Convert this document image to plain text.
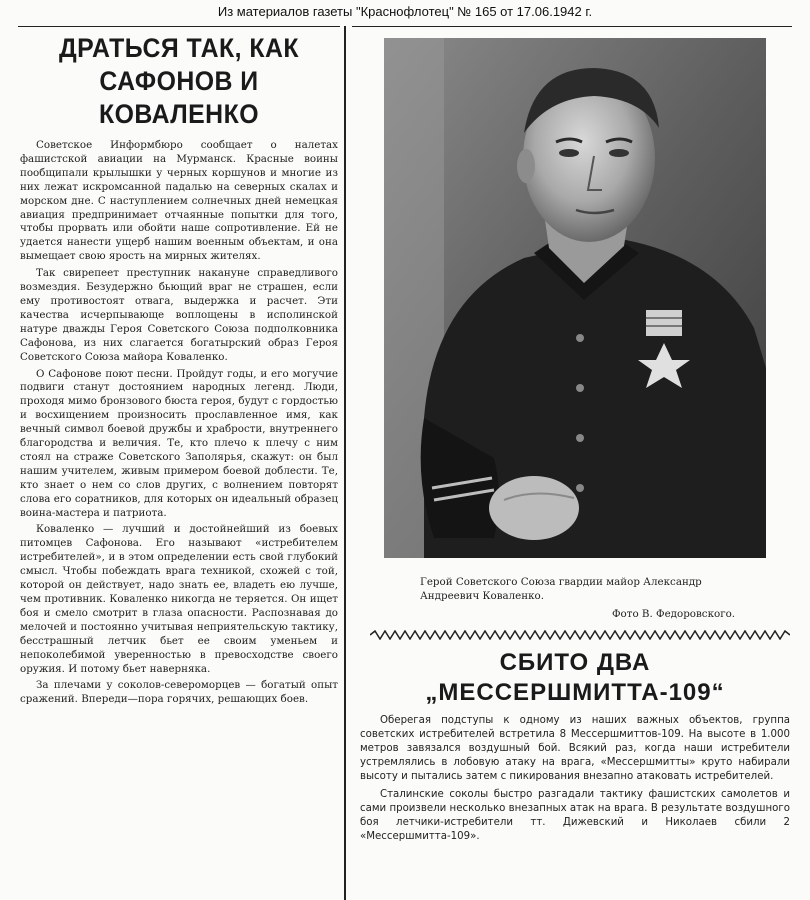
Из материалов газеты "Краснофлотец" № 165 от 17.06.1942 г.
ДРАТЬСЯ ТАК, КАК
САФОНОВ И КОВАЛЕНКО

Советское Информбюро сообщает о налетах фашистской авиации на Мурманск. Красные воины пообщипали крылышки у черных коршунов и многие из них лежат искромсанной падалью на северных скалах и морском дне. С наступлением солнечных дней немецкая авиация предпринимает отчаянные попытки для того, чтобы прорвать или обойти наше сопротивление. Ей не удается нанести ущерб нашим военным объектам, и она вымещает свою ярость на мирных жителях.

Так свирепеет преступник накануне справедливого возмездия. Безудержно бьющий враг не страшен, если ему противостоят отвага, выдержка и расчет. Эти качества исчерпывающе воплощены в исполинской натуре дважды Героя Советского Союза подполковника Сафонова, из них слагается богатырский образ Героя Советского Союза майора Коваленко.

О Сафонове поют песни. Пройдут годы, и его могучие подвиги станут достоянием народных легенд. Люди, проходя мимо бронзового бюста героя, будут с гордостью и восхищением произносить прославленное имя, как вечный символ боевой дружбы и храбрости, внутреннего благородства и величия. Те, кто плечо к плечу с ним стоял на страже Советского Заполярья, скажут: он был нашим учителем, живым примером боевой доблести. Те, кто знает о нем со слов других, с волнением повторят слова его соратников, для которых он идеальный образец воина-мастера и патриота.

Коваленко — лучший и достойнейший из боевых питомцев Сафонова. Его называют «истребителем истребителей», и в этом определении есть свой глубокий смысл. Чтобы побеждать врага техникой, схожей с той, которой он действует, надо знать ее, владеть ею лучше, чем противник. Коваленко никогда не теряется. Он ищет боя и смело смотрит в глаза опасности. Распознавая до мелочей и постоянно учитывая неприятельскую тактику, бесстрашный летчик бьет ее своим уменьем и непоколебимой уверенностью в превосходстве своего оружия. И потому бьет наверняка.

За плечами у соколов-североморцев — богатый опыт сражений. Впереди—пора горячих, решающих боев.

Герой Советского Союза гвардии майор Александр Андреевич Коваленко.
Фото В. Федоровского.
СБИТО ДВА
„МЕССЕРШМИТТА-109“

Оберегая подступы к одному из наших важных объектов, группа советских истребителей встретила 8 Мессершмиттов-109. На высоте в 1.000 метров завязался воздушный бой. Всякий раз, когда наши истребители устремлялись в лобовую атаку на врага, «Мессершмитты» круто набирали высоту и пытались затем с пикирования внезапно атаковать истребителей.

Сталинские соколы быстро разгадали тактику фашистских самолетов и сами произвели несколько внезапных атак на врага. В результате воздушного боя летчики-истребители тт. Дижевский и Николаев сбили 2 «Мессершмитта-109».
